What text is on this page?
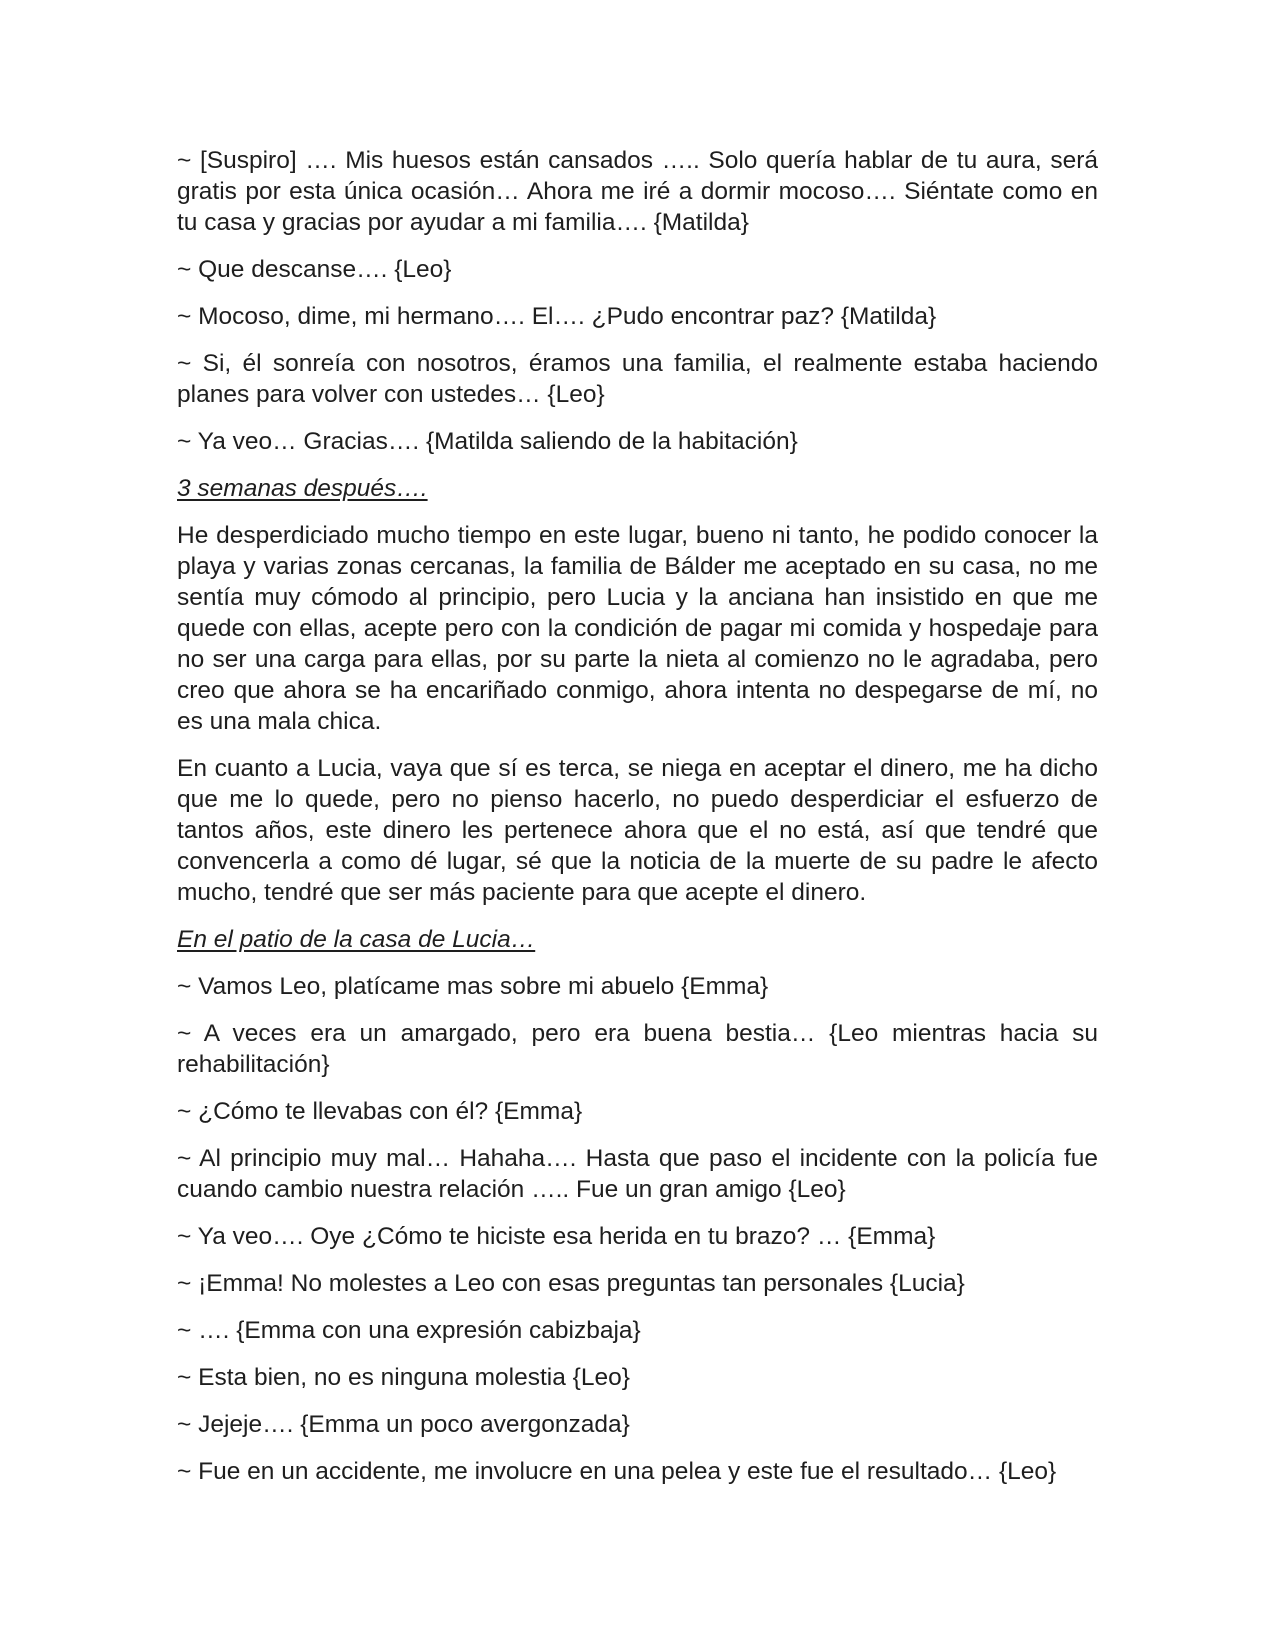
~ [Suspiro] …. Mis huesos están cansados ….. Solo quería hablar de tu aura, será gratis por esta única ocasión… Ahora me iré a dormir mocoso…. Siéntate como en tu casa y gracias por ayudar a mi familia…. {Matilda}

~ Que descanse…. {Leo}

~ Mocoso, dime, mi hermano…. El…. ¿Pudo encontrar paz? {Matilda}

~ Si, él sonreía con nosotros, éramos una familia, el realmente estaba haciendo planes para volver con ustedes… {Leo}

~ Ya veo… Gracias…. {Matilda saliendo de la habitación}

3 semanas después….

He desperdiciado mucho tiempo en este lugar, bueno ni tanto, he podido conocer la playa y varias zonas cercanas, la familia de Bálder me aceptado en su casa, no me sentía muy cómodo al principio, pero Lucia y la anciana han insistido en que me quede con ellas, acepte pero con la condición de pagar mi comida y hospedaje para no ser una carga para ellas, por su parte la nieta al comienzo no le agradaba, pero creo que ahora se ha encariñado conmigo, ahora intenta no despegarse de mí, no es una mala chica.

En cuanto a Lucia, vaya que sí es terca, se niega en aceptar el dinero, me ha dicho que me lo quede, pero no pienso hacerlo, no puedo desperdiciar el esfuerzo de tantos años, este dinero les pertenece ahora que el no está, así que tendré que convencerla a como dé lugar, sé que la noticia de la muerte de su padre le afecto mucho, tendré que ser más paciente para que acepte el dinero.

En el patio de la casa de Lucia…

~ Vamos Leo, platícame mas sobre mi abuelo {Emma}

~ A veces era un amargado, pero era buena bestia… {Leo mientras hacia su rehabilitación}

~ ¿Cómo te llevabas con él? {Emma}

~ Al principio muy mal… Hahaha…. Hasta que paso el incidente con la policía fue cuando cambio nuestra relación ….. Fue un gran amigo {Leo}

~ Ya veo…. Oye ¿Cómo te hiciste esa herida en tu brazo? … {Emma}

~ ¡Emma! No molestes a Leo con esas preguntas tan personales {Lucia}

~ …. {Emma con una expresión cabizbaja}

~ Esta bien, no es ninguna molestia {Leo}

~ Jejeje…. {Emma un poco avergonzada}

~ Fue en un accidente, me involucre en una pelea y este fue el resultado… {Leo}
